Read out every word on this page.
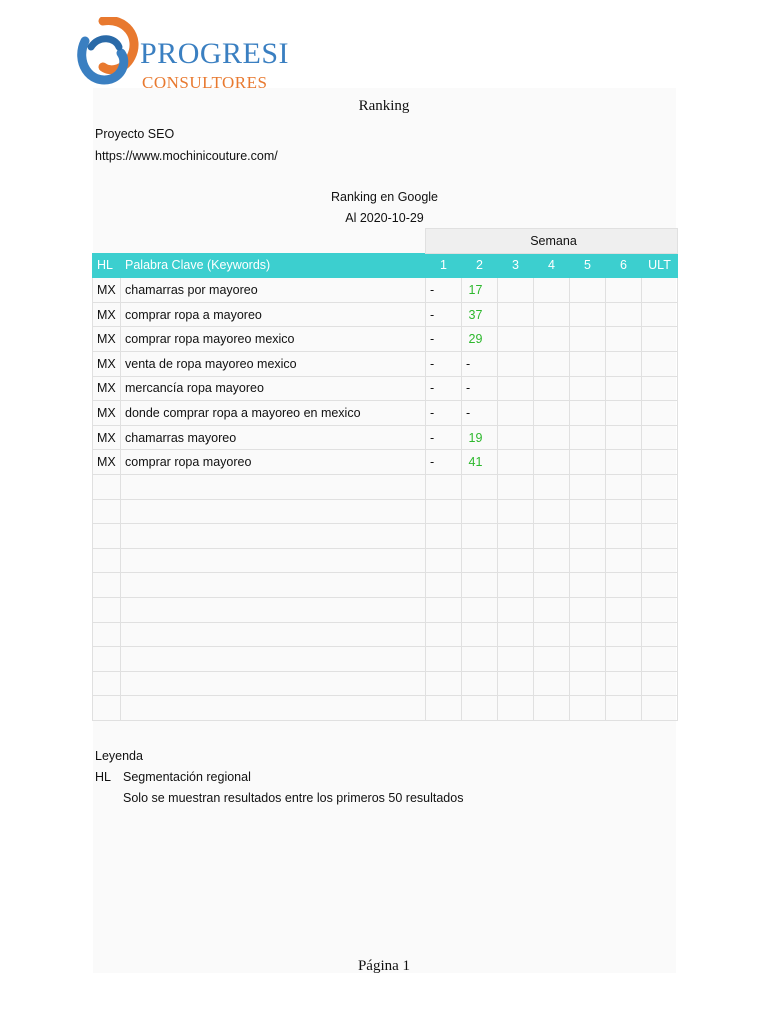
PROGRESI
CONSULTORES
Ranking
Proyecto SEO
https://www.mochinicouture.com/
Ranking en Google
Al 2020-10-29
		Semana						
HL	Palabra Clave (Keywords)	1	2	3	4	5	6	ULT
MX	chamarras por mayoreo	-	17					
MX	comprar ropa a mayoreo	-	37					
MX	comprar ropa mayoreo mexico	-	29					
MX	venta de ropa mayoreo mexico	-	-					
MX	mercancía ropa mayoreo	-	-					
MX	donde comprar ropa a mayoreo en mexico	-	-					
MX	chamarras mayoreo	-	19					
MX	comprar ropa mayoreo	-	41					

Leyenda
HL Segmentación regional
Solo se muestran resultados entre los primeros 50 resultados
Página 1
